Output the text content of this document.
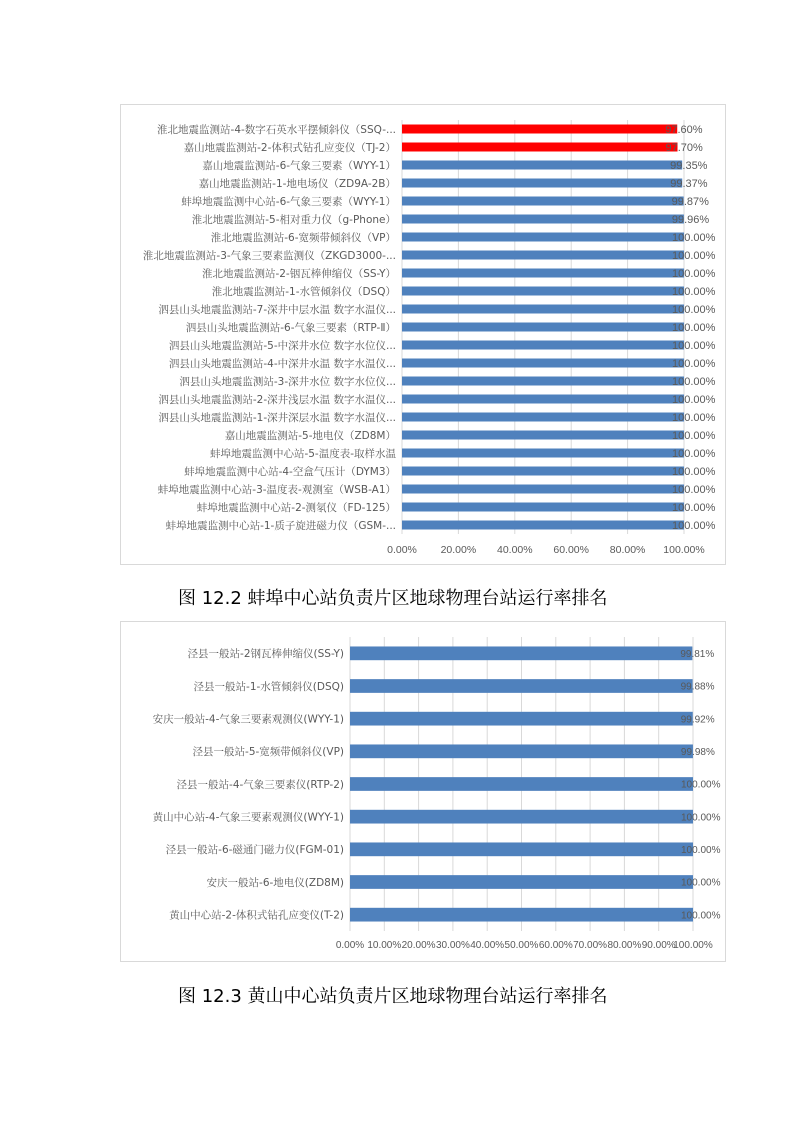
0.00% 20.00% 40.00% 60.00% 80.00% 100.00%
淮北地震监测站-4-数字石英水平摆倾斜仪（SSQ-...	97.60%
嘉山地震监测站-2-体积式钻孔应变仪（TJ-2）	97.70%
嘉山地震监测站-6-气象三要素（WYY-1）	99.35%
嘉山地震监测站-1-地电场仪（ZD9A-2B）	99.37%
蚌埠地震监测中心站-6-气象三要素（WYY-1）	99.87%
淮北地震监测站-5-相对重力仪（g-Phone）	99.96%
淮北地震监测站-6-宽频带倾斜仪（VP）	100.00%
淮北地震监测站-3-气象三要素监测仪（ZKGD3000-...	100.00%
淮北地震监测站-2-铟瓦棒伸缩仪（SS-Y）	100.00%
淮北地震监测站-1-水管倾斜仪（DSQ）	100.00%
泗县山头地震监测站-7-深井中层水温 数字水温仪...	100.00%
泗县山头地震监测站-6-气象三要素（RTP-Ⅱ）	100.00%
泗县山头地震监测站-5-中深井水位 数字水位仪...	100.00%
泗县山头地震监测站-4-中深井水温 数字水温仪...	100.00%
泗县山头地震监测站-3-深井水位 数字水位仪...	100.00%
泗县山头地震监测站-2-深井浅层水温 数字水温仪...	100.00%
泗县山头地震监测站-1-深井深层水温 数字水温仪...	100.00%
嘉山地震监测站-5-地电仪（ZD8M）	100.00%
蚌埠地震监测中心站-5-温度表-取样水温	100.00%
蚌埠地震监测中心站-4-空盒气压计（DYM3）	100.00%
蚌埠地震监测中心站-3-温度表-观测室（WSB-A1）	100.00%
蚌埠地震监测中心站-2-测氡仪（FD-125）	100.00%
蚌埠地震监测中心站-1-质子旋进磁力仪（GSM-...	100.00%
图 12.2 蚌埠中心站负责片区地球物理台站运行率排名
0.00% 10.00% 20.00% 30.00% 40.00% 50.00% 60.00% 70.00% 80.00% 90.00%
100.00%
泾县一般站-2钢瓦棒伸缩仪(SS-Y)	99.81%
泾县一般站-1-水管倾斜仪(DSQ)	99.88%
安庆一般站-4-气象三要素观测仪(WYY-1)	99.92%
泾县一般站-5-宽频带倾斜仪(VP)	99.98%
泾县一般站-4-气象三要素仪(RTP-2)	100.00%
黄山中心站-4-气象三要素观测仪(WYY-1)	100.00%
泾县一般站-6-磁通门磁力仪(FGM-01)	100.00%
安庆一般站-6-地电仪(ZD8M)	100.00%
黄山中心站-2-体积式钻孔应变仪(T-2)	100.00%
图 12.3 黄山中心站负责片区地球物理台站运行率排名
